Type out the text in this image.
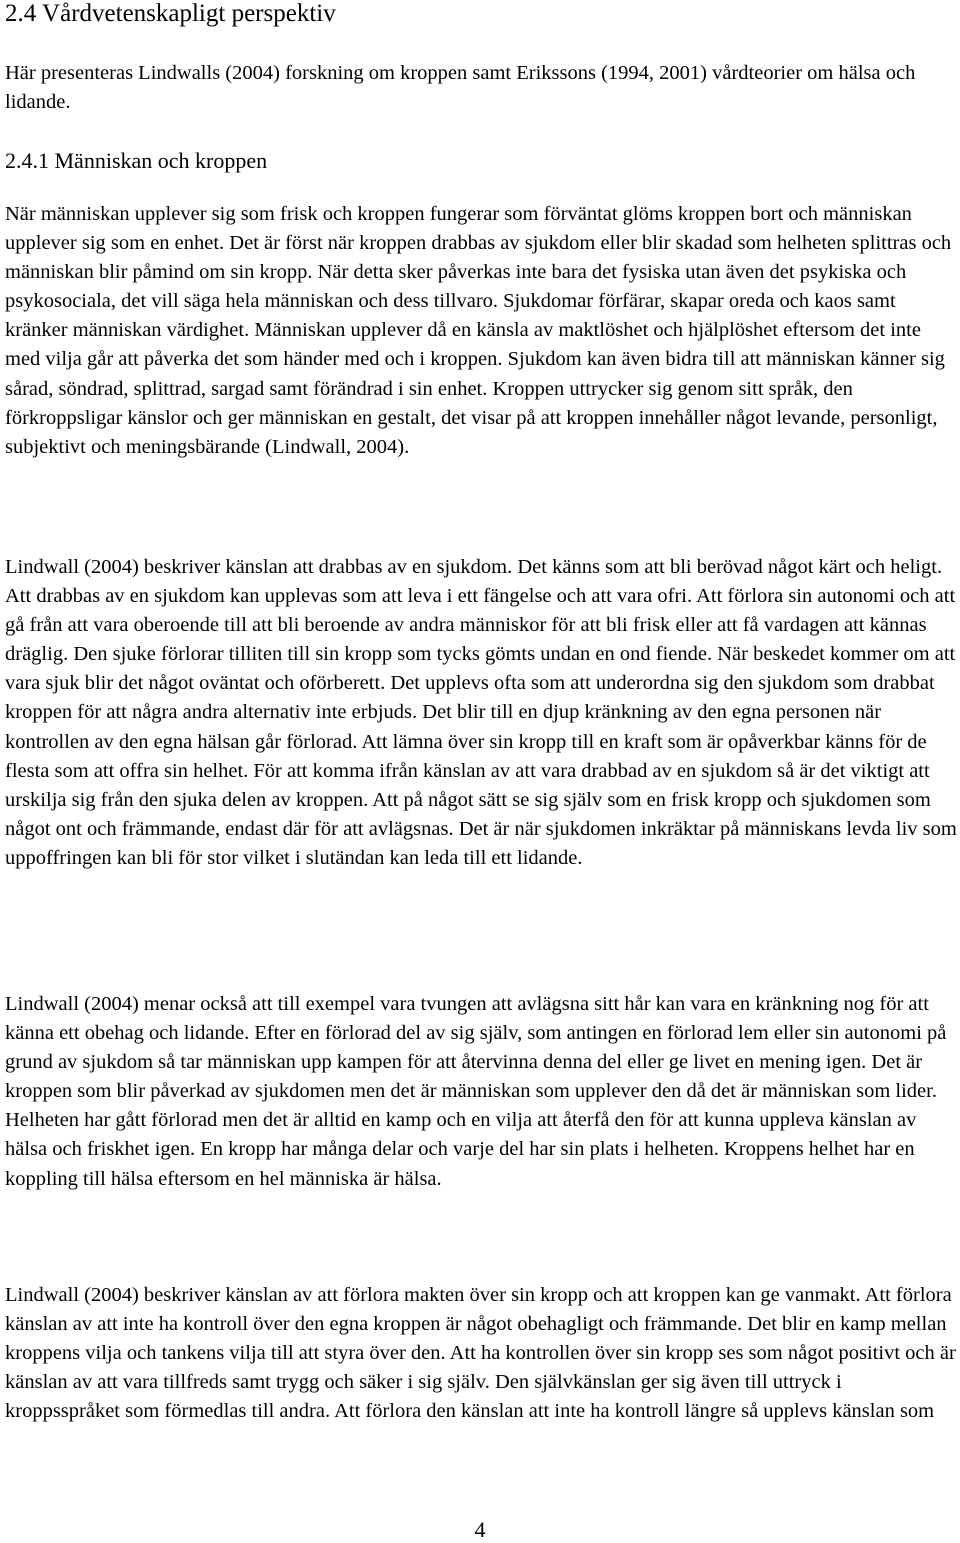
2.4 Vårdvetenskapligt perspektiv

Här presenteras Lindwalls (2004) forskning om kroppen samt Erikssons (1994, 2001) vårdteorier om hälsa och lidande.

2.4.1 Människan och kroppen

När människan upplever sig som frisk och kroppen fungerar som förväntat glöms kroppen bort och människan upplever sig som en enhet. Det är först när kroppen drabbas av sjukdom eller blir skadad som helheten splittras och människan blir påmind om sin kropp. När detta sker påverkas inte bara det fysiska utan även det psykiska och psykosociala, det vill säga hela människan och dess tillvaro. Sjukdomar förfärar, skapar oreda och kaos samt kränker människan värdighet. Människan upplever då en känsla av maktlöshet och hjälplöshet eftersom det inte med vilja går att påverka det som händer med och i kroppen. Sjukdom kan även bidra till att människan känner sig sårad, söndrad, splittrad, sargad samt förändrad i sin enhet. Kroppen uttrycker sig genom sitt språk, den förkroppsligar känslor och ger människan en gestalt, det visar på att kroppen innehåller något levande, personligt, subjektivt och meningsbärande (Lindwall, 2004).

Lindwall (2004) beskriver känslan att drabbas av en sjukdom. Det känns som att bli berövad något kärt och heligt. Att drabbas av en sjukdom kan upplevas som att leva i ett fängelse och att vara ofri. Att förlora sin autonomi och att gå från att vara oberoende till att bli beroende av andra människor för att bli frisk eller att få vardagen att kännas dräglig. Den sjuke förlorar tilliten till sin kropp som tycks gömts undan en ond fiende. När beskedet kommer om att vara sjuk blir det något oväntat och oförberett. Det upplevs ofta som att underordna sig den sjukdom som drabbat kroppen för att några andra alternativ inte erbjuds. Det blir till en djup kränkning av den egna personen när kontrollen av den egna hälsan går förlorad. Att lämna över sin kropp till en kraft som är opåverkbar känns för de flesta som att offra sin helhet. För att komma ifrån känslan av att vara drabbad av en sjukdom så är det viktigt att urskilja sig från den sjuka delen av kroppen. Att på något sätt se sig själv som en frisk kropp och sjukdomen som något ont och främmande, endast där för att avlägsnas. Det är när sjukdomen inkräktar på människans levda liv som uppoffringen kan bli för stor vilket i slutändan kan leda till ett lidande.

Lindwall (2004) menar också att till exempel vara tvungen att avlägsna sitt hår kan vara en kränkning nog för att känna ett obehag och lidande. Efter en förlorad del av sig själv, som antingen en förlorad lem eller sin autonomi på grund av sjukdom så tar människan upp kampen för att återvinna denna del eller ge livet en mening igen. Det är kroppen som blir påverkad av sjukdomen men det är människan som upplever den då det är människan som lider. Helheten har gått förlorad men det är alltid en kamp och en vilja att återfå den för att kunna uppleva känslan av hälsa och friskhet igen. En kropp har många delar och varje del har sin plats i helheten. Kroppens helhet har en koppling till hälsa eftersom en hel människa är hälsa.

Lindwall (2004) beskriver känslan av att förlora makten över sin kropp och att kroppen kan ge vanmakt. Att förlora känslan av att inte ha kontroll över den egna kroppen är något obehagligt och främmande. Det blir en kamp mellan kroppens vilja och tankens vilja till att styra över den. Att ha kontrollen över sin kropp ses som något positivt och är känslan av att vara tillfreds samt trygg och säker i sig själv. Den självkänslan ger sig även till uttryck i kroppsspråket som förmedlas till andra. Att förlora den känslan att inte ha kontroll längre så upplevs känslan som

4
